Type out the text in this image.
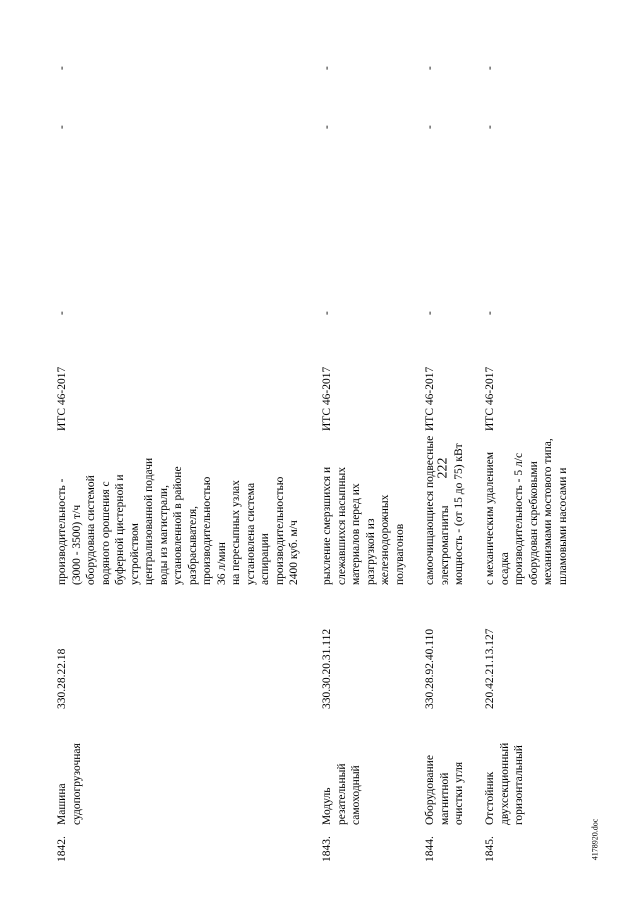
222
1842.
Машина судопогрузочная
330.28.22.18
производительность - (3000 - 3500) т/ч оборудована системой водяного орошения с буферной цистерной и устройством централизованной подачи воды из магистрали, установленной в районе разбрасывателя, производительностью 36 л/мин на пересыпных узлах установлена система аспирации производительностью 2400 куб. м/ч
ИТС 46-2017
-
-
-
1843.
Модуль резательный самоходный
330.30.20.31.112
рыхление смерзшихся и слежавшихся насыпных материалов перед их разгрузкой из железнодорожных полувагонов
ИТС 46-2017
-
-
-
1844.
Оборудование магнитной очистки угля
330.28.92.40.110
самоочищающиеся подвесные электромагниты мощность - (от 15 до 75) кВт
ИТС 46-2017
-
-
-
1845.
Отстойник двухсекционный горизонтальный
220.42.21.13.127
с механическим удалением осадка производительность - 5 л/с оборудован скребковыми механизмами мостового типа, шламовыми насосами и
ИТС 46-2017
-
-
-
4178920.doc
